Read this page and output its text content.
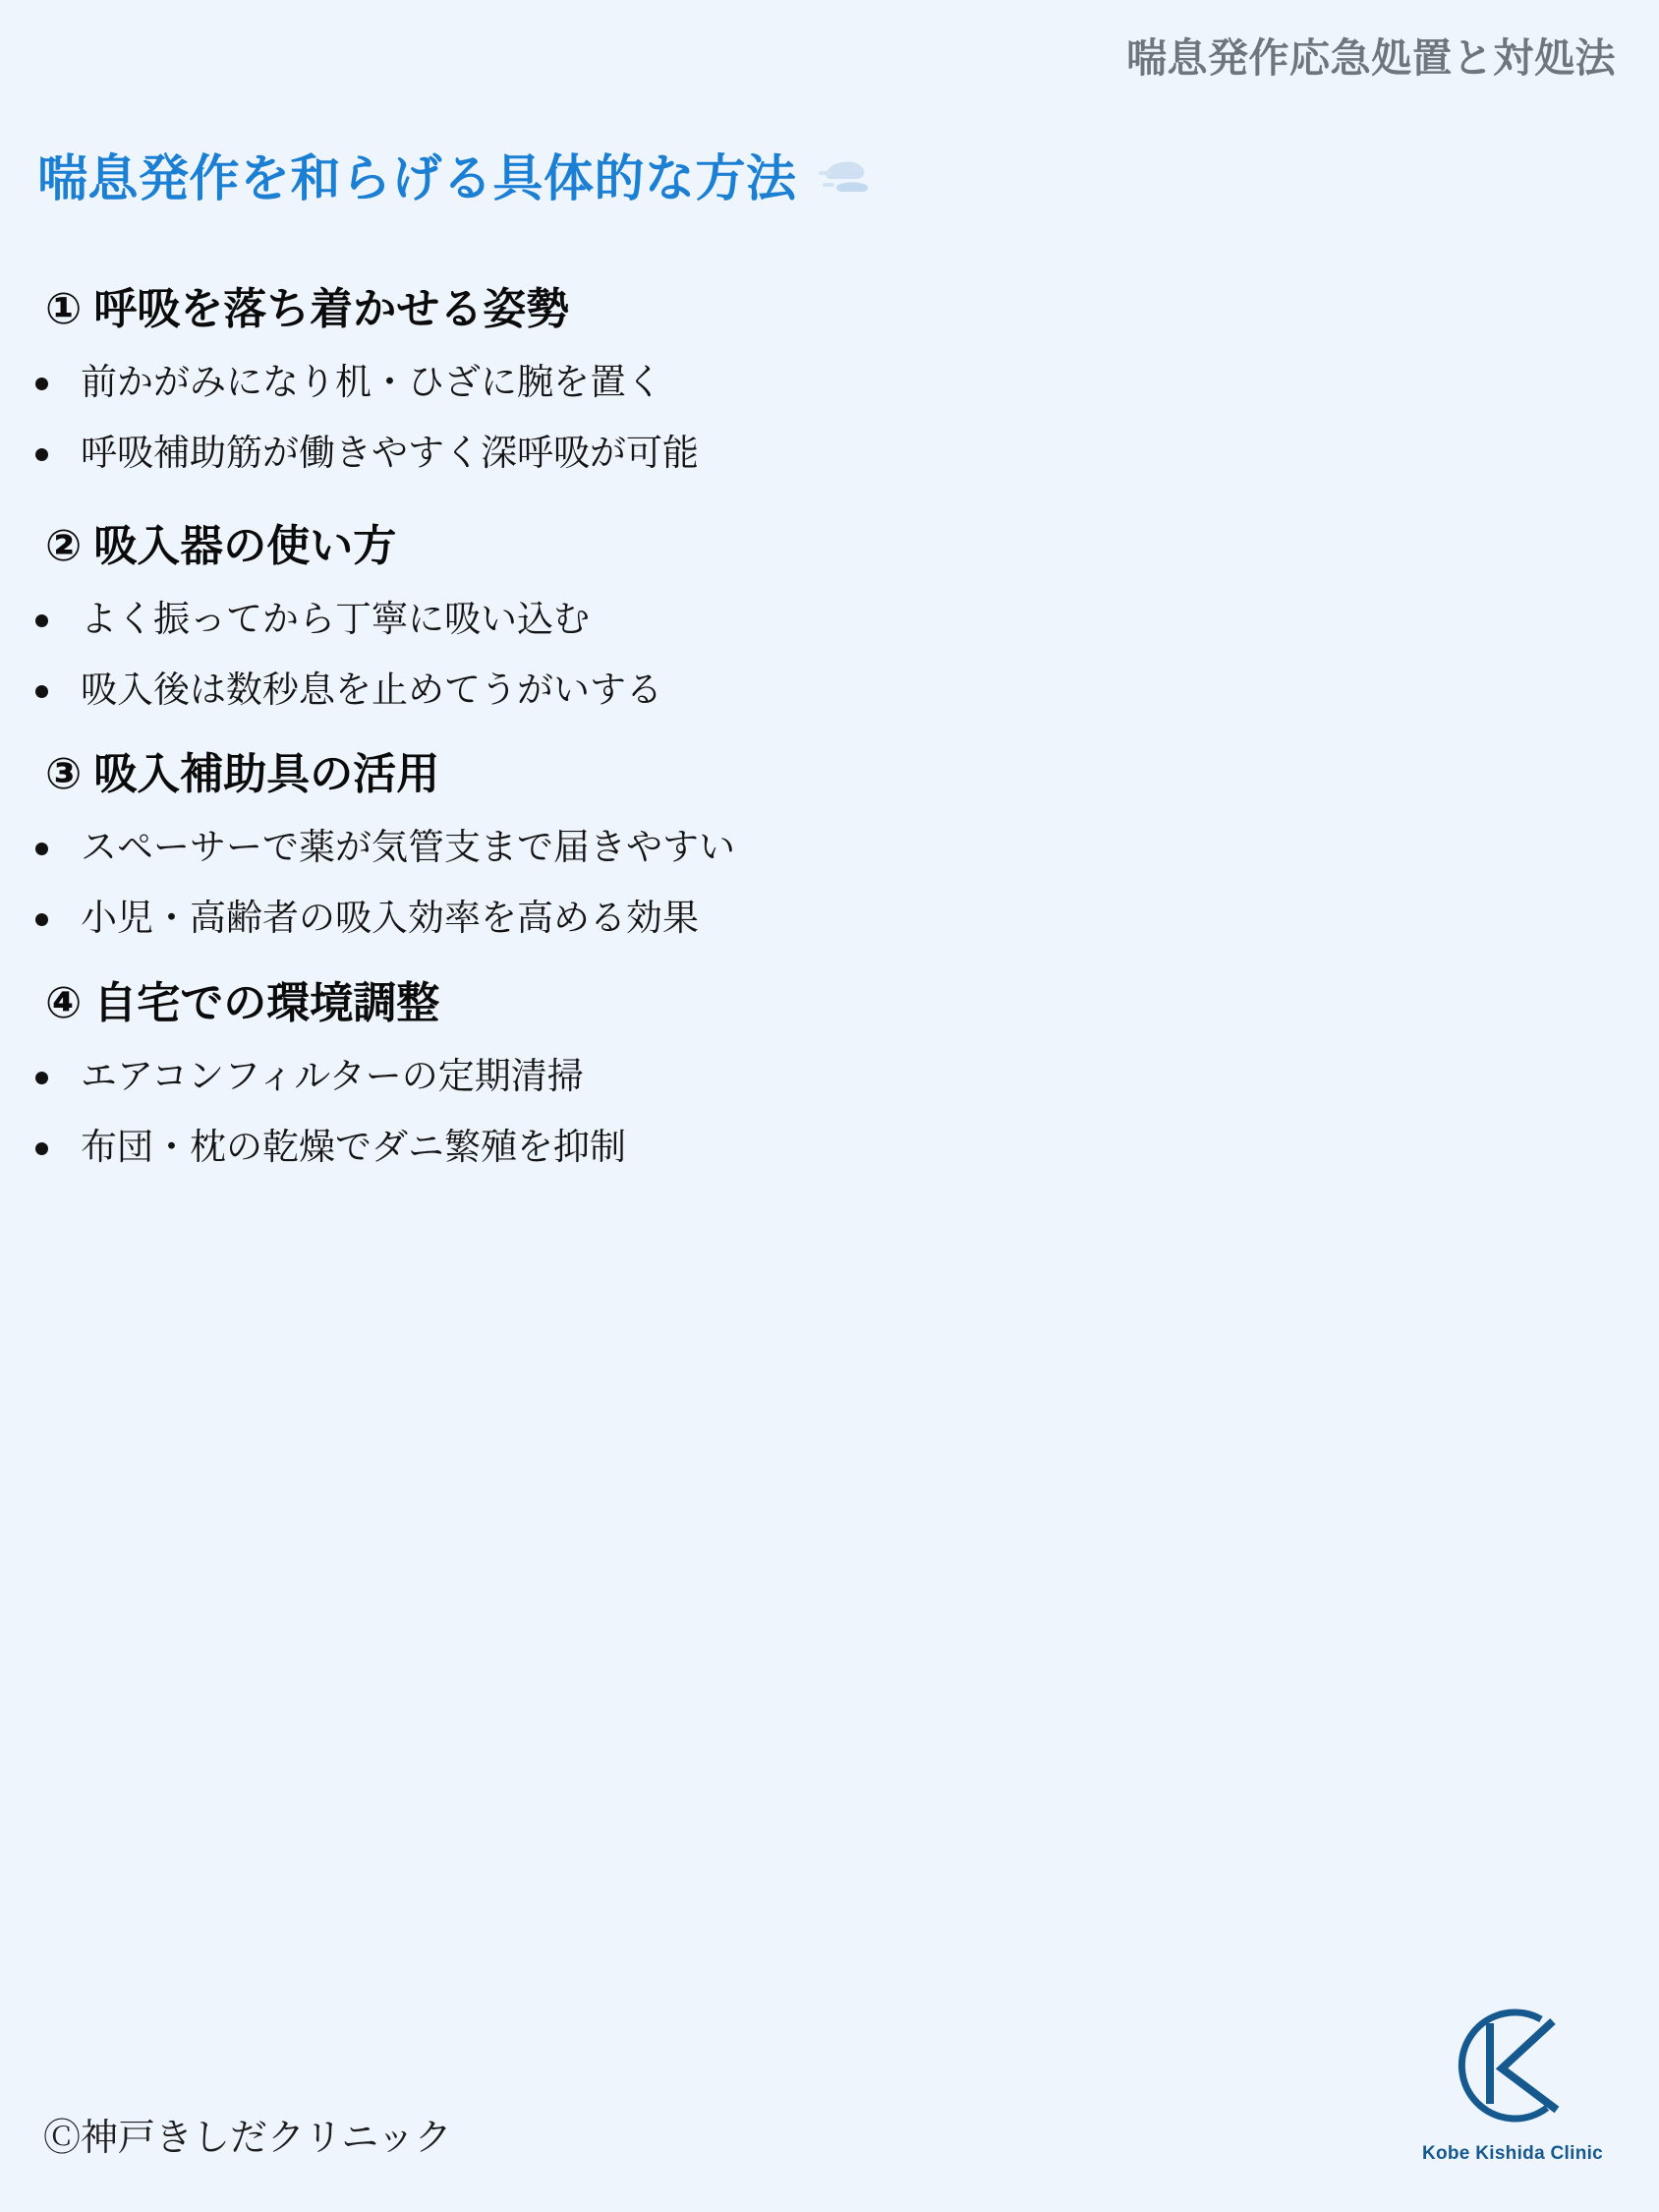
喘息発作応急処置と対処法
喘息発作を和らげる具体的な方法
① 呼吸を落ち着かせる姿勢
前かがみになり机・ひざに腕を置く
呼吸補助筋が働きやすく深呼吸が可能
② 吸入器の使い方
よく振ってから丁寧に吸い込む
吸入後は数秒息を止めてうがいする
③ 吸入補助具の活用
スペーサーで薬が気管支まで届きやすい
小児・高齢者の吸入効率を高める効果
④ 自宅での環境調整
エアコンフィルターの定期清掃
布団・枕の乾燥でダニ繁殖を抑制
Ⓒ神戸きしだクリニック	Kobe Kishida Clinic
